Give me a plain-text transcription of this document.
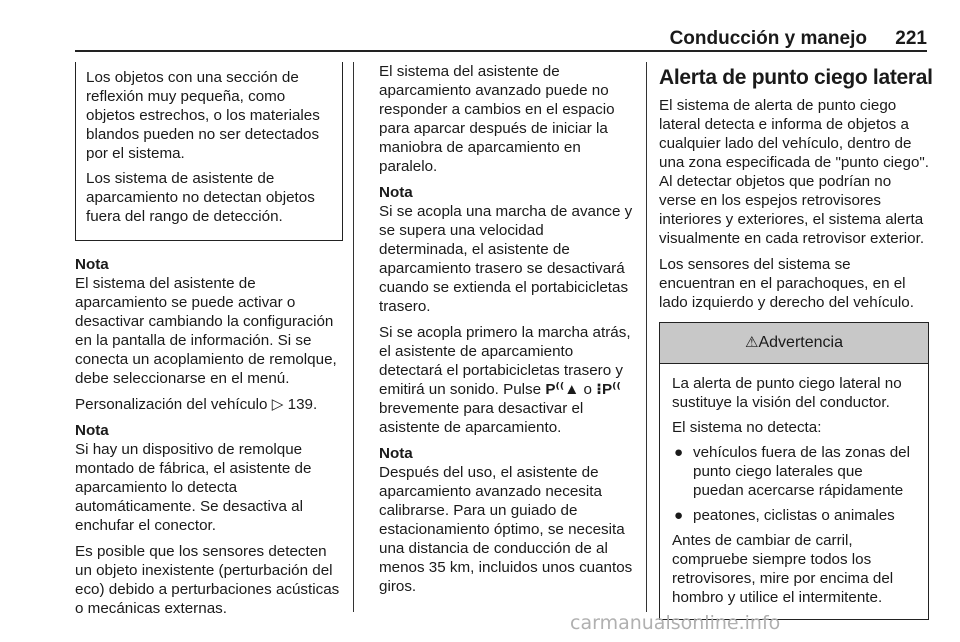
Conducción y manejo 221

Los objetos con una sección de reflexión muy pequeña, como objetos estrechos, o los materiales blandos pueden no ser detectados por el sistema.

Los sistema de asistente de aparcamiento no detectan objetos fuera del rango de detección.

Nota
El sistema del asistente de aparcamiento se puede activar o desactivar cambiando la configuración en la pantalla de información. Si se conecta un acoplamiento de remolque, debe seleccionarse en el menú.

Personalización del vehículo ▷ 139.

Nota
Si hay un dispositivo de remolque montado de fábrica, el asistente de aparcamiento lo detecta automáticamente. Se desactiva al enchufar el conector.

Es posible que los sensores detecten un objeto inexistente (perturbación del eco) debido a perturbaciones acústicas o mecánicas externas.

El sistema del asistente de aparcamiento avanzado puede no responder a cambios en el espacio para aparcar después de iniciar la maniobra de aparcamiento en paralelo.

Nota
Si se acopla una marcha de avance y se supera una velocidad determinada, el asistente de aparcamiento trasero se desactivará cuando se extienda el portabicicletas trasero.

Si se acopla primero la marcha atrás, el asistente de aparcamiento detectará el portabicicletas trasero y emitirá un sonido. Pulse P⁽⁽▲ o ⁝P⁽⁽ brevemente para desactivar el asistente de aparcamiento.

Nota
Después del uso, el asistente de aparcamiento avanzado necesita calibrarse. Para un guiado de estacionamiento óptimo, se necesita una distancia de conducción de al menos 35 km, incluidos unos cuantos giros.

Alerta de punto ciego lateral

El sistema de alerta de punto ciego lateral detecta e informa de objetos a cualquier lado del vehículo, dentro de una zona especificada de "punto ciego". Al detectar objetos que podrían no verse en los espejos retrovisores interiores y exteriores, el sistema alerta visualmente en cada retrovisor exterior.

Los sensores del sistema se encuentran en el parachoques, en el lado izquierdo y derecho del vehículo.

⚠Advertencia

La alerta de punto ciego lateral no sustituye la visión del conductor.

El sistema no detecta:

● vehículos fuera de las zonas del punto ciego laterales que puedan acercarse rápidamente
● peatones, ciclistas o animales

Antes de cambiar de carril, compruebe siempre todos los retrovisores, mire por encima del hombro y utilice el intermitente.

carmanualsonline.info
